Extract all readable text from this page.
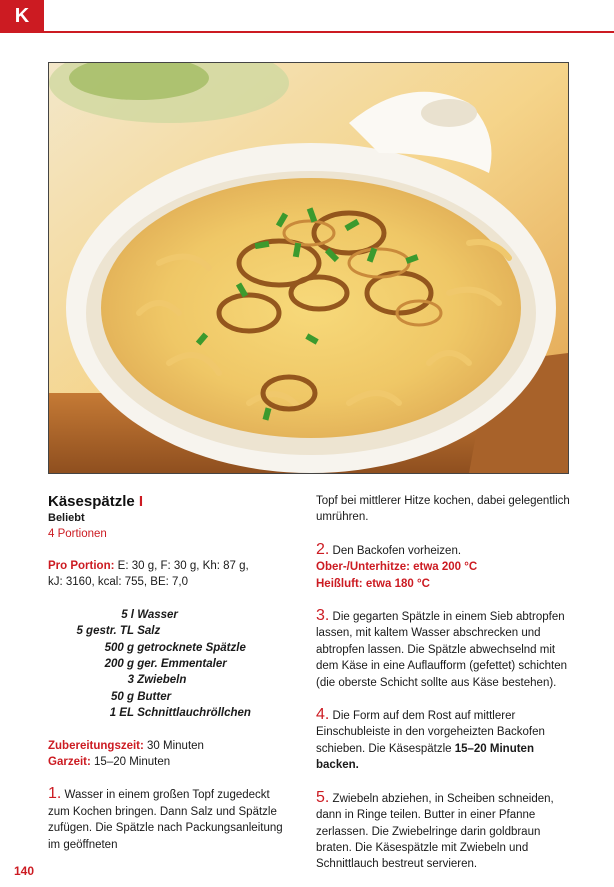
K
Käsespätzle I
Beliebt
4 Portionen
Pro Portion: E: 30 g, F: 30 g, Kh: 87 g,
kJ: 3160, kcal: 755, BE: 7,0
5 l Wasser
5 gestr. TL Salz
500 g getrocknete Spätzle
200 g ger. Emmentaler
3 Zwiebeln
50 g Butter
1 EL Schnittlauchröllchen
Zubereitungszeit: 30 Minuten
Garzeit: 15–20 Minuten

1. Wasser in einem großen Topf zugedeckt zum Kochen bringen. Dann Salz und Spätzle zufügen. Die Spätzle nach Packungsanleitung im geöffneten

Topf bei mittlerer Hitze kochen, dabei gelegentlich umrühren.

2. Den Backofen vorheizen.

Ober-/Unterhitze: etwa 200 °C

Heißluft: etwa 180 °C

3. Die gegarten Spätzle in einem Sieb abtropfen lassen, mit kaltem Wasser abschrecken und abtropfen lassen. Die Spätzle abwechselnd mit dem Käse in eine Auflaufform (gefettet) schichten (die oberste Schicht sollte aus Käse bestehen).

4. Die Form auf dem Rost auf mittlerer Einschubleiste in den vorgeheizten Backofen schieben. Die Käsespätzle 15–20 Minuten backen.

5. Zwiebeln abziehen, in Scheiben schneiden, dann in Ringe teilen. Butter in einer Pfanne zerlassen. Die Zwiebelringe darin goldbraun braten. Die Käsespätzle mit Zwiebeln und Schnittlauch bestreut servieren.

140
